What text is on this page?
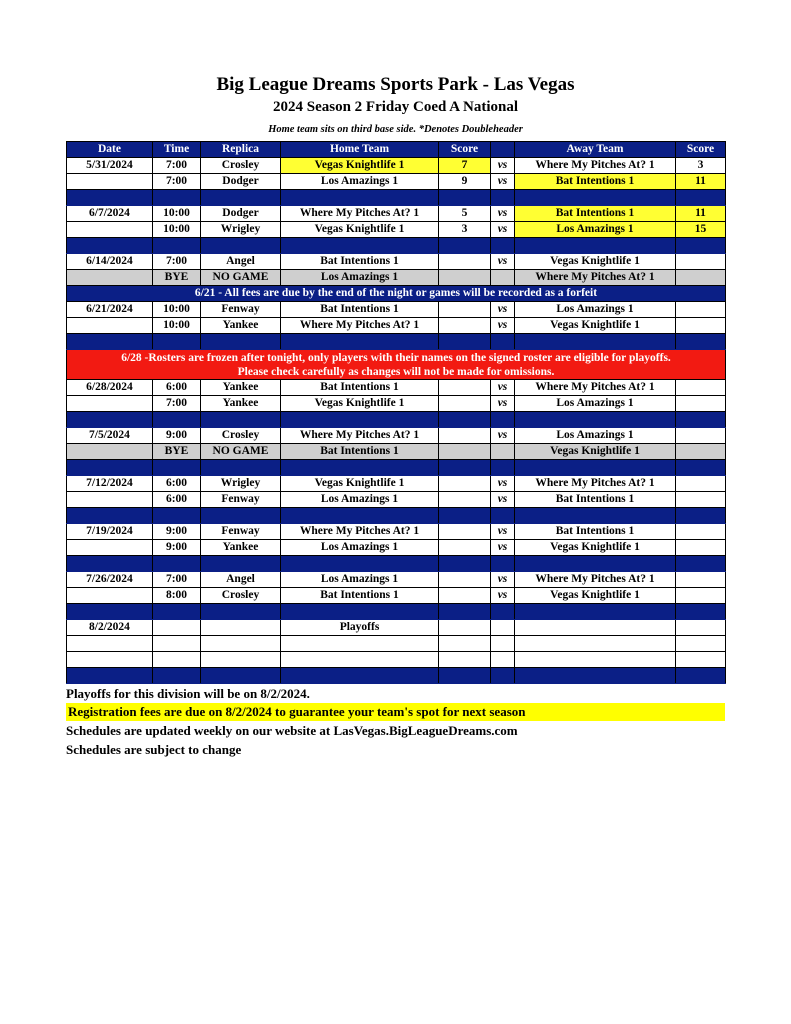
Big League Dreams Sports Park - Las Vegas
2024 Season 2 Friday Coed A National
Home team sits on third base side. *Denotes Doubleheader
Date	Time	Replica	Home Team	Score		Away Team	Score
5/31/2024	7:00	Crosley	Vegas Knightlife 1	7	vs	Where My Pitches At? 1	3
	7:00	Dodger	Los Amazings 1	9	vs	Bat Intentions 1	11

6/7/2024	10:00	Dodger	Where My Pitches At? 1	5	vs	Bat Intentions 1	11
	10:00	Wrigley	Vegas Knightlife 1	3	vs	Los Amazings 1	15

6/14/2024	7:00	Angel	Bat Intentions 1		vs	Vegas Knightlife 1	
	BYE	NO GAME	Los Amazings 1			Where My Pitches At? 1	

6/21 - All fees are due by the end of the night or games will be recorded as a forfeit							

6/21/2024	10:00	Fenway	Bat Intentions 1		vs	Los Amazings 1	
	10:00	Yankee	Where My Pitches At? 1		vs	Vegas Knightlife 1	

6/28 -Rosters are frozen after tonight, only players with their names on the signed roster are eligible for playoffs.
Please check carefully as changes will not be made for omissions.							

6/28/2024	6:00	Yankee	Bat Intentions 1		vs	Where My Pitches At? 1	
	7:00	Yankee	Vegas Knightlife 1		vs	Los Amazings 1	

7/5/2024	9:00	Crosley	Where My Pitches At? 1		vs	Los Amazings 1	
	BYE	NO GAME	Bat Intentions 1			Vegas Knightlife 1	

7/12/2024	6:00	Wrigley	Vegas Knightlife 1		vs	Where My Pitches At? 1	
	6:00	Fenway	Los Amazings 1		vs	Bat Intentions 1	

7/19/2024	9:00	Fenway	Where My Pitches At? 1		vs	Bat Intentions 1	
	9:00	Yankee	Los Amazings 1		vs	Vegas Knightlife 1	

7/26/2024	7:00	Angel	Los Amazings 1		vs	Where My Pitches At? 1	
	8:00	Crosley	Bat Intentions 1		vs	Vegas Knightlife 1	

8/2/2024			Playoffs				

Playoffs for this division will be on 8/2/2024.
Registration fees are due on 8/2/2024 to guarantee your team's spot for next season
Schedules are updated weekly on our website at LasVegas.BigLeagueDreams.com
Schedules are subject to change
